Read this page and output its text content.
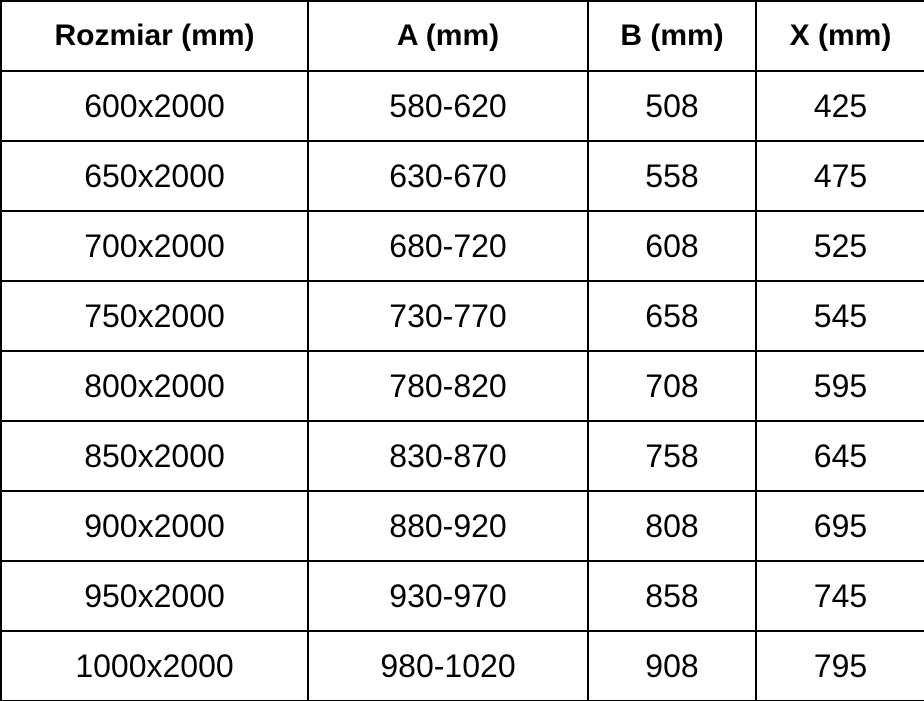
Rozmiar (mm)	A (mm)	B (mm)	X (mm)
600x2000	580-620	508	425
650x2000	630-670	558	475
700x2000	680-720	608	525
750x2000	730-770	658	545
800x2000	780-820	708	595
850x2000	830-870	758	645
900x2000	880-920	808	695
950x2000	930-970	858	745
1000x2000	980-1020	908	795
